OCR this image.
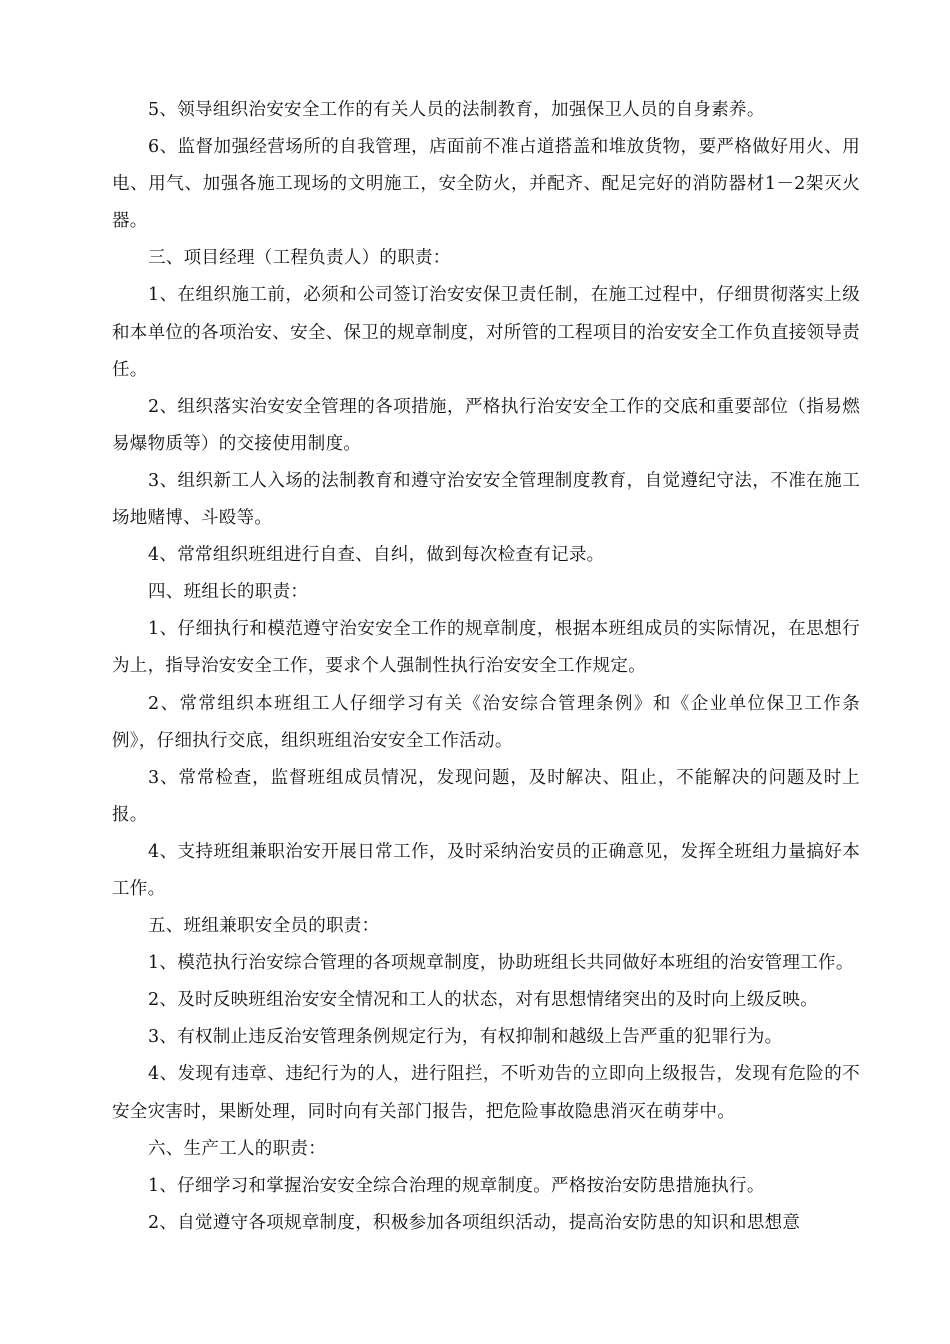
5、领导组织治安安全工作的有关人员的法制教育，加强保卫人员的自身素养。

6、监督加强经营场所的自我管理，店面前不准占道搭盖和堆放货物，要严格做好用火、用电、用气、加强各施工现场的文明施工，安全防火，并配齐、配足完好的消防器材1－2架灭火器。

三、项目经理（工程负责人）的职责：

1、在组织施工前，必须和公司签订治安安保卫责任制，在施工过程中，仔细贯彻落实上级和本单位的各项治安、安全、保卫的规章制度，对所管的工程项目的治安安全工作负直接领导责任。

2、组织落实治安安全管理的各项措施，严格执行治安安全工作的交底和重要部位（指易燃易爆物质等）的交接使用制度。

3、组织新工人入场的法制教育和遵守治安安全管理制度教育，自觉遵纪守法，不准在施工场地赌博、斗殴等。

4、常常组织班组进行自查、自纠，做到每次检查有记录。

四、班组长的职责：

1、仔细执行和模范遵守治安安全工作的规章制度，根据本班组成员的实际情况，在思想行为上，指导治安安全工作，要求个人强制性执行治安安全工作规定。

2、常常组织本班组工人仔细学习有关《治安综合管理条例》和《企业单位保卫工作条例》，仔细执行交底，组织班组治安安全工作活动。

3、常常检查，监督班组成员情况，发现问题，及时解决、阻止，不能解决的问题及时上报。

4、支持班组兼职治安开展日常工作，及时采纳治安员的正确意见，发挥全班组力量搞好本工作。

五、班组兼职安全员的职责：

1、模范执行治安综合管理的各项规章制度，协助班组长共同做好本班组的治安管理工作。

2、及时反映班组治安安全情况和工人的状态，对有思想情绪突出的及时向上级反映。

3、有权制止违反治安管理条例规定行为，有权抑制和越级上告严重的犯罪行为。

4、发现有违章、违纪行为的人，进行阻拦，不听劝告的立即向上级报告，发现有危险的不安全灾害时，果断处理，同时向有关部门报告，把危险事故隐患消灭在萌芽中。

六、生产工人的职责：

1、仔细学习和掌握治安安全综合治理的规章制度。严格按治安防患措施执行。

2、自觉遵守各项规章制度，积极参加各项组织活动，提高治安防患的知识和思想意
